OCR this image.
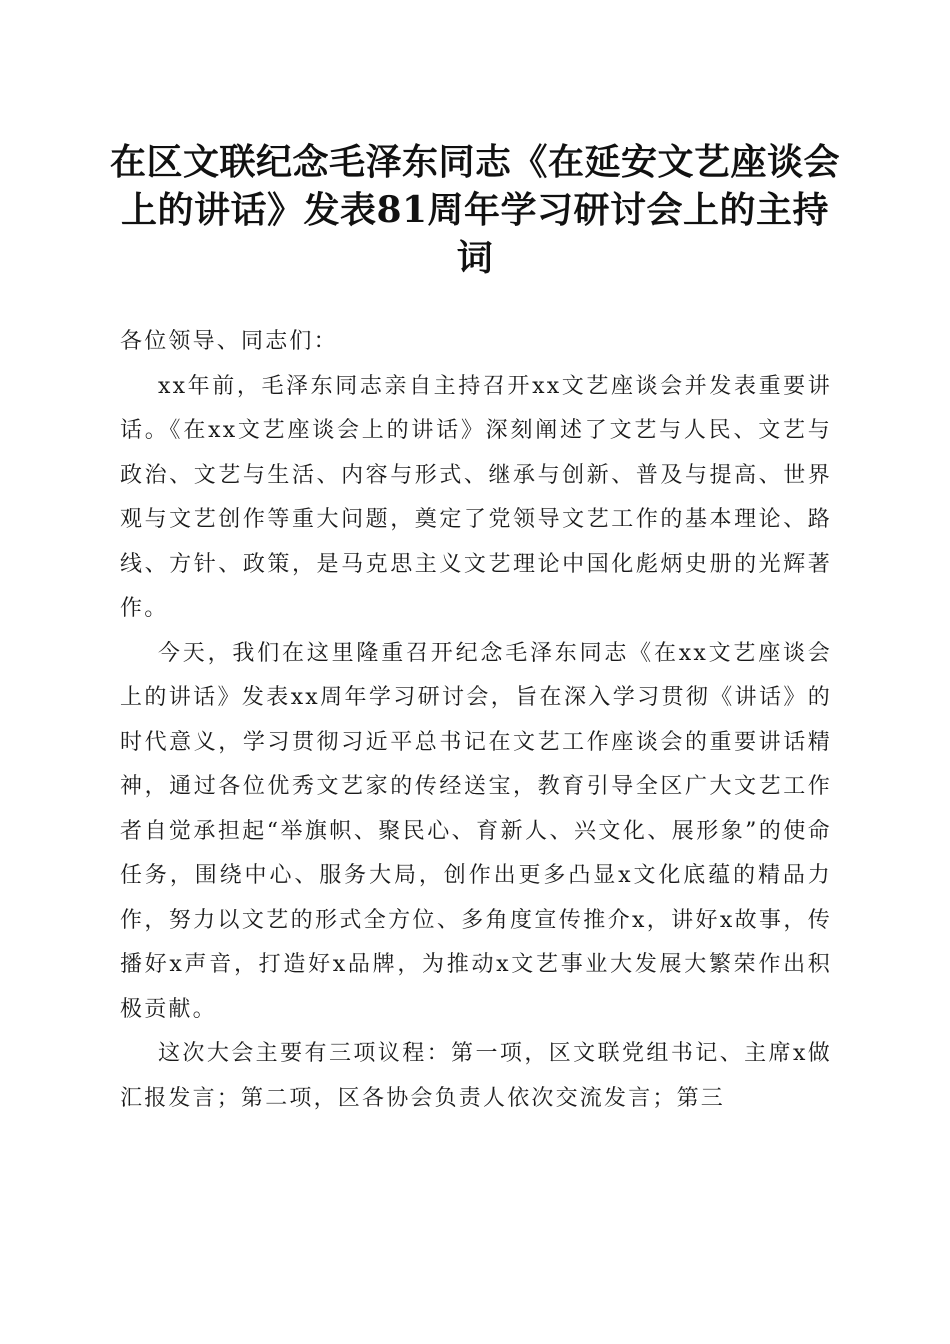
在区文联纪念毛泽东同志《在延安文艺座谈会上的讲话》发表81周年学习研讨会上的主持词

各位领导、同志们：

xx年前，毛泽东同志亲自主持召开xx文艺座谈会并发表重要讲话。《在xx文艺座谈会上的讲话》深刻阐述了文艺与人民、文艺与政治、文艺与生活、内容与形式、继承与创新、普及与提高、世界观与文艺创作等重大问题，奠定了党领导文艺工作的基本理论、路线、方针、政策，是马克思主义文艺理论中国化彪炳史册的光辉著作。

今天，我们在这里隆重召开纪念毛泽东同志《在xx文艺座谈会上的讲话》发表xx周年学习研讨会，旨在深入学习贯彻《讲话》的时代意义，学习贯彻习近平总书记在文艺工作座谈会的重要讲话精神，通过各位优秀文艺家的传经送宝，教育引导全区广大文艺工作者自觉承担起“举旗帜、聚民心、育新人、兴文化、展形象”的使命任务，围绕中心、服务大局，创作出更多凸显x文化底蕴的精品力作，努力以文艺的形式全方位、多角度宣传推介x，讲好x故事，传播好x声音，打造好x品牌，为推动x文艺事业大发展大繁荣作出积极贡献。

这次大会主要有三项议程：第一项，区文联党组书记、主席x做汇报发言；第二项，区各协会负责人依次交流发言；第三
